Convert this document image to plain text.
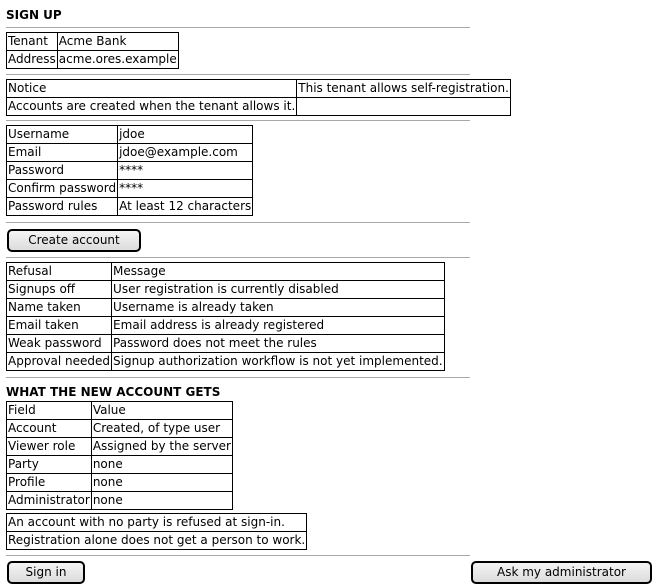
SIGN UP
Tenant	Acme Bank
Address	acme.ores.example
Notice	This tenant allows self-registration.
Accounts are created when the tenant allows it.	
Username	jdoe
Email	jdoe@example.com
Password	****
Confirm password	****
Password rules	At least 12 characters
Create account
Refusal	Message
Signups off	User registration is currently disabled
Name taken	Username is already taken
Email taken	Email address is already registered
Weak password	Password does not meet the rules
Approval needed	Signup authorization workflow is not yet implemented.
WHAT THE NEW ACCOUNT GETS
Field	Value
Account	Created, of type user
Viewer role	Assigned by the server
Party	none
Profile	none
Administrator	none
An account with no party is refused at sign-in.
Registration alone does not get a person to work.
Sign in	Ask my administrator
